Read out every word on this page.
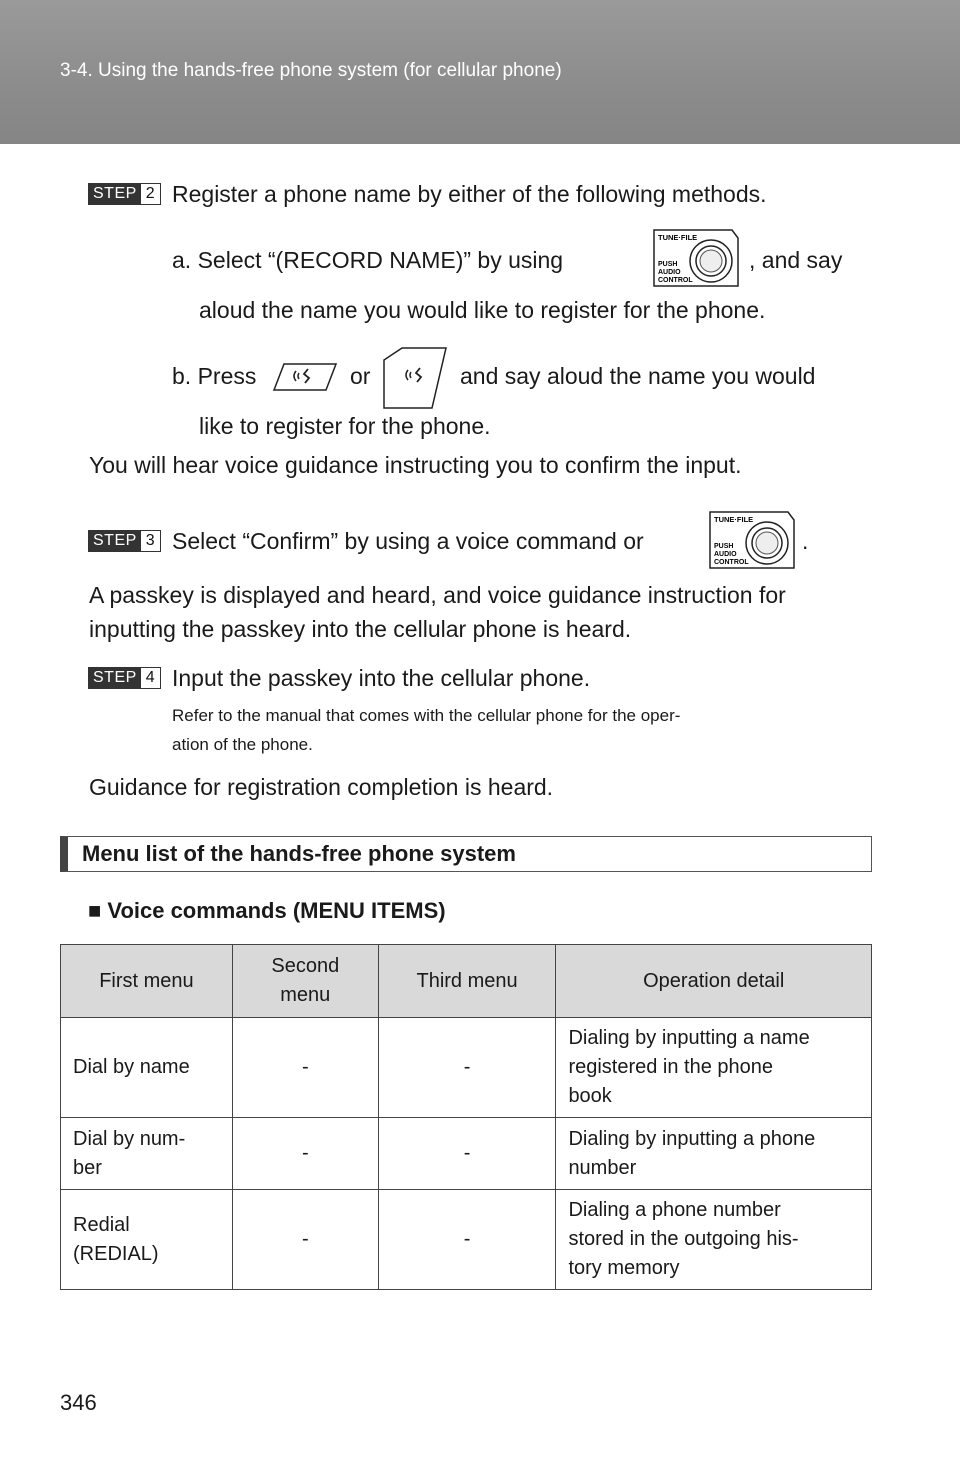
3-4. Using the hands-free phone system (for cellular phone)
STEP 2 Register a phone name by either of the following methods.
a. Select “(RECORD NAME)” by using
TUNE·FILE
PUSH
AUDIO
CONTROL
, and say
aloud the name you would like to register for the phone.
b. Press	or	and say aloud the name you would
like to register for the phone.
You will hear voice guidance instructing you to confirm the input.
STEP 3 Select “Confirm” by using a voice command or
TUNE·FILE
PUSH
AUDIO
CONTROL
.
A passkey is displayed and heard, and voice guidance instruction for
inputting the passkey into the cellular phone is heard.
STEP 4 Input the passkey into the cellular phone.
Refer to the manual that comes with the cellular phone for the oper-
ation of the phone.
Guidance for registration completion is heard.
Menu list of the hands-free phone system
■ Voice commands (MENU ITEMS)
First menu	Second
menu	Third menu	Operation detail
Dial by name	-	-	Dialing by inputting a name
registered in the phone
book
Dial by num-
ber	-	-	Dialing by inputting a phone
number
Redial
(REDIAL)	-	-	Dialing a phone number
stored in the outgoing his-
tory memory
346
